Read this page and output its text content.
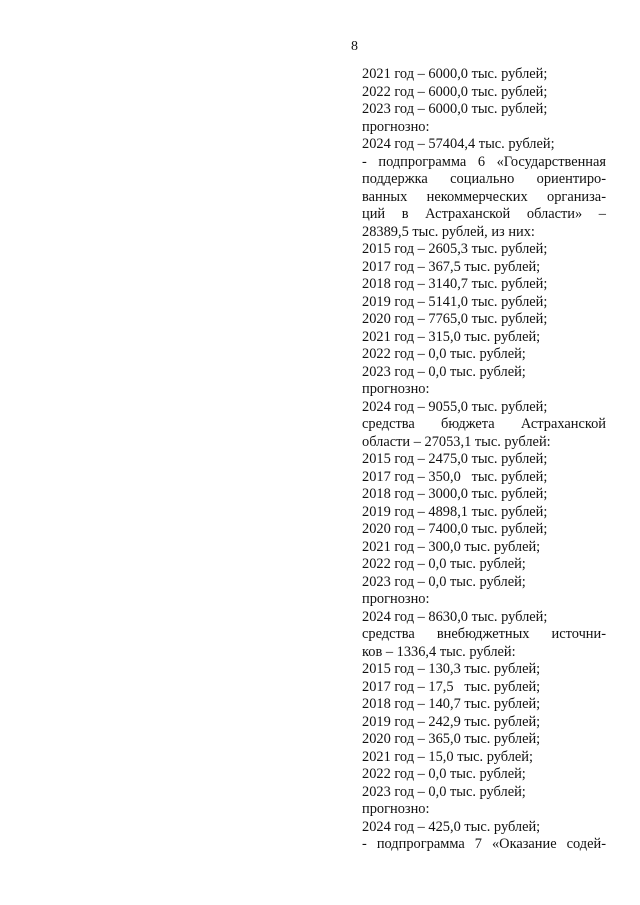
8
2021 год – 6000,0 тыс. рублей;
2022 год – 6000,0 тыс. рублей;
2023 год – 6000,0 тыс. рублей;
прогнозно:
2024 год – 57404,4 тыс. рублей;
- подпрограмма 6 «Государственная
поддержка социально ориентиро-
ванных некоммерческих организа-
ций в Астраханской области» –
28389,5 тыс. рублей, из них:
2015 год – 2605,3 тыс. рублей;
2017 год – 367,5 тыс. рублей;
2018 год – 3140,7 тыс. рублей;
2019 год – 5141,0 тыс. рублей;
2020 год – 7765,0 тыс. рублей;
2021 год – 315,0 тыс. рублей;
2022 год – 0,0 тыс. рублей;
2023 год – 0,0 тыс. рублей;
прогнозно:
2024 год – 9055,0 тыс. рублей;
средства бюджета Астраханской
области – 27053,1 тыс. рублей:
2015 год – 2475,0 тыс. рублей;
2017 год – 350,0   тыс. рублей;
2018 год – 3000,0 тыс. рублей;
2019 год – 4898,1 тыс. рублей;
2020 год – 7400,0 тыс. рублей;
2021 год – 300,0 тыс. рублей;
2022 год – 0,0 тыс. рублей;
2023 год – 0,0 тыс. рублей;
прогнозно:
2024 год – 8630,0 тыс. рублей;
средства внебюджетных источни-
ков – 1336,4 тыс. рублей:
2015 год – 130,3 тыс. рублей;
2017 год – 17,5   тыс. рублей;
2018 год – 140,7 тыс. рублей;
2019 год – 242,9 тыс. рублей;
2020 год – 365,0 тыс. рублей;
2021 год – 15,0 тыс. рублей;
2022 год – 0,0 тыс. рублей;
2023 год – 0,0 тыс. рублей;
прогнозно:
2024 год – 425,0 тыс. рублей;
- подпрограмма 7 «Оказание содей-
